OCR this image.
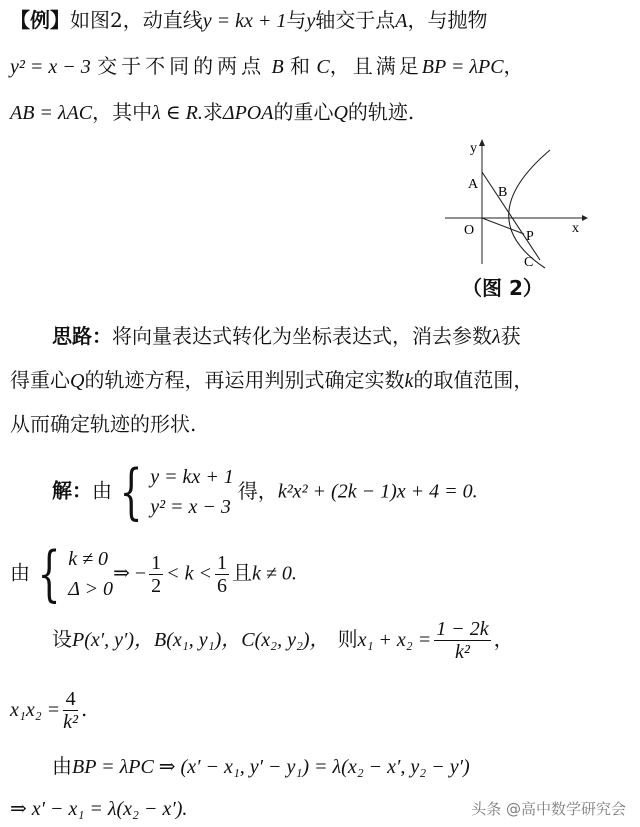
【例】如图2，动直线y = kx + 1与y轴交于点A，与抛物
y² = x − 3 交于不同的两点 B 和 C，且满足BP = λPC，
AB = λAC，其中λ ∈ R.求ΔPOA的重心Q的轨迹.
y
x
O
A
B
P
C
（图 2）
思路：将向量表达式转化为坐标表达式，消去参数λ获
得重心Q的轨迹方程，再运用判别式确定实数k的取值范围，
从而确定轨迹的形状.
解：由 { y = kx + 1
y² = x − 3
得，k²x² + (2k − 1)x + 4 = 0.
由 { k ≠ 0
Δ > 0
⇒ − $\frac{1}{2} < k < \frac{1}{6}$ 且k ≠ 0.
设P(x′, y′)，B(x₁, y₁)，C(x₂, y₂)， 则$x_1 + x_2 = \frac{1 - 2k}{\text{k²}}$ ，
$x_1x_2 = \frac{4}{\text{k²}}$ .
由BP = λPC ⇒ (x′ − x₁, y′ − y₁) = λ(x₂ − x′, y₂ − y′)
⇒ x′ − x₁ = λ(x₂ − x′).	头条 @高中数学研究会
